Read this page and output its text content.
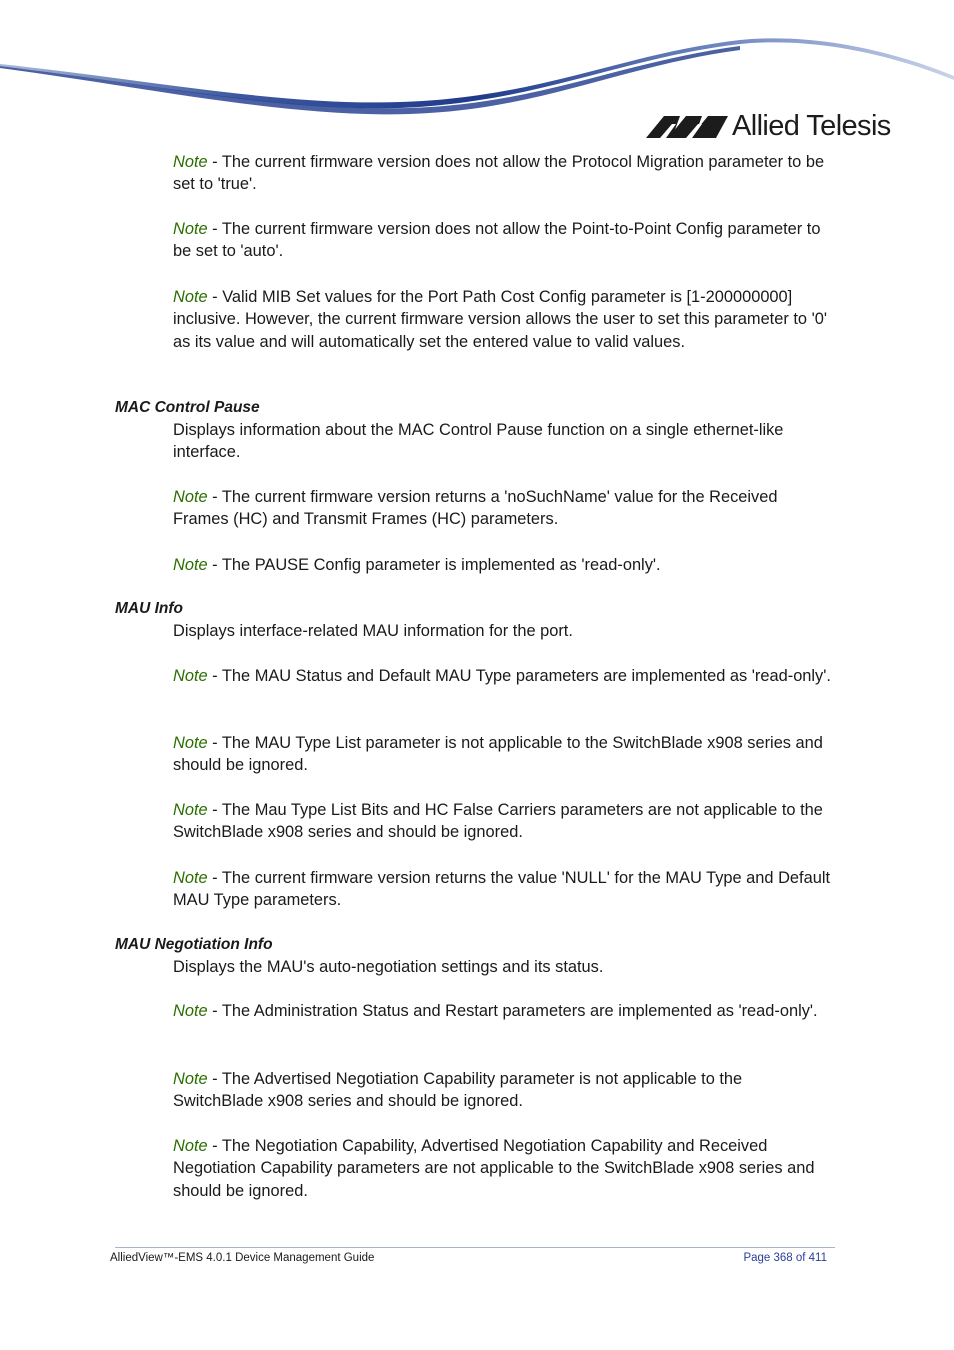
Allied Telesis

Note - The current firmware version does not allow the Protocol Migration parameter to be set to 'true'.

Note - The current firmware version does not allow the Point-to-Point Config parameter to be set to 'auto'.

Note - Valid MIB Set values for the Port Path Cost Config parameter is [1-200000000] inclusive. However, the current firmware version allows the user to set this parameter to '0' as its value and will automatically set the entered value to valid values.

MAC Control Pause

Displays information about the MAC Control Pause function on a single ethernet-like interface.

Note - The current firmware version returns a 'noSuchName' value for the Received Frames (HC) and Transmit Frames (HC) parameters.

Note - The PAUSE Config parameter is implemented as 'read-only'.

MAU Info

Displays interface-related MAU information for the port.

Note - The MAU Status and Default MAU Type parameters are implemented as 'read-only'.

Note - The MAU Type List parameter is not applicable to the SwitchBlade x908 series and should be ignored.

Note - The Mau Type List Bits and HC False Carriers parameters are not applicable to the SwitchBlade x908 series and should be ignored.

Note - The current firmware version returns the value 'NULL' for the MAU Type and Default MAU Type parameters.

MAU Negotiation Info

Displays the MAU's auto-negotiation settings and its status.

Note - The Administration Status and Restart parameters are implemented as 'read-only'.

Note - The Advertised Negotiation Capability parameter is not applicable to the SwitchBlade x908 series and should be ignored.

Note - The Negotiation Capability, Advertised Negotiation Capability and Received Negotiation Capability parameters are not applicable to the SwitchBlade x908 series and should be ignored.

AlliedView™-EMS 4.0.1 Device Management Guide	Page 368 of 411
